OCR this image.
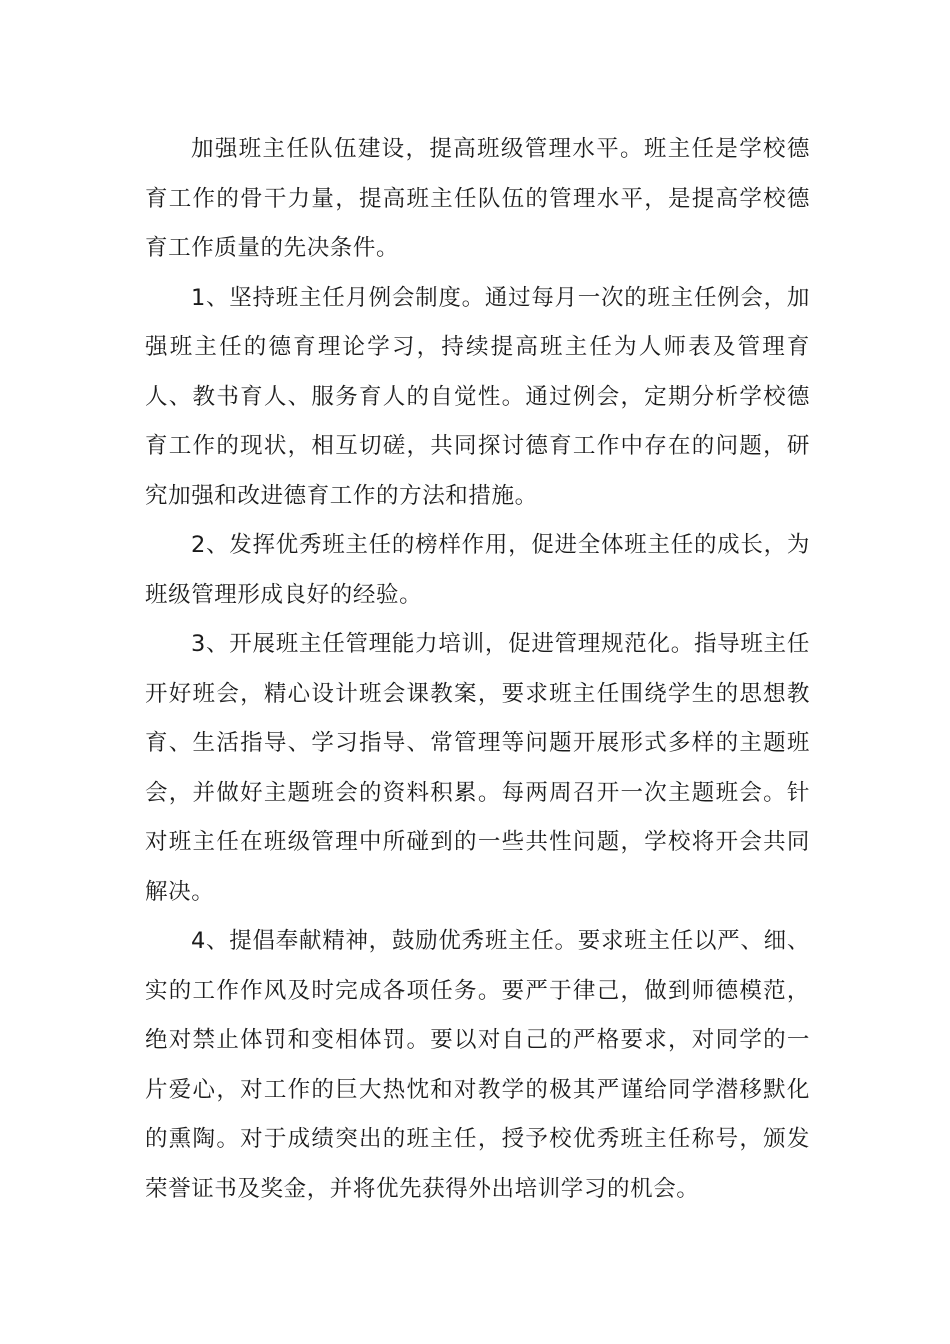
加强班主任队伍建设，提高班级管理水平。班主任是学校德育工作的骨干力量，提高班主任队伍的管理水平，是提高学校德育工作质量的先决条件。

1、坚持班主任月例会制度。通过每月一次的班主任例会，加强班主任的德育理论学习，持续提高班主任为人师表及管理育人、教书育人、服务育人的自觉性。通过例会，定期分析学校德育工作的现状，相互切磋，共同探讨德育工作中存在的问题，研究加强和改进德育工作的方法和措施。

2、发挥优秀班主任的榜样作用，促进全体班主任的成长，为班级管理形成良好的经验。

3、开展班主任管理能力培训，促进管理规范化。指导班主任开好班会，精心设计班会课教案，要求班主任围绕学生的思想教育、生活指导、学习指导、常管理等问题开展形式多样的主题班会，并做好主题班会的资料积累。每两周召开一次主题班会。针对班主任在班级管理中所碰到的一些共性问题，学校将开会共同解决。

4、提倡奉献精神，鼓励优秀班主任。要求班主任以严、细、实的工作作风及时完成各项任务。要严于律己，做到师德模范，绝对禁止体罚和变相体罚。要以对自己的严格要求，对同学的一片爱心，对工作的巨大热忱和对教学的极其严谨给同学潜移默化的熏陶。对于成绩突出的班主任，授予校优秀班主任称号，颁发荣誉证书及奖金，并将优先获得外出培训学习的机会。
